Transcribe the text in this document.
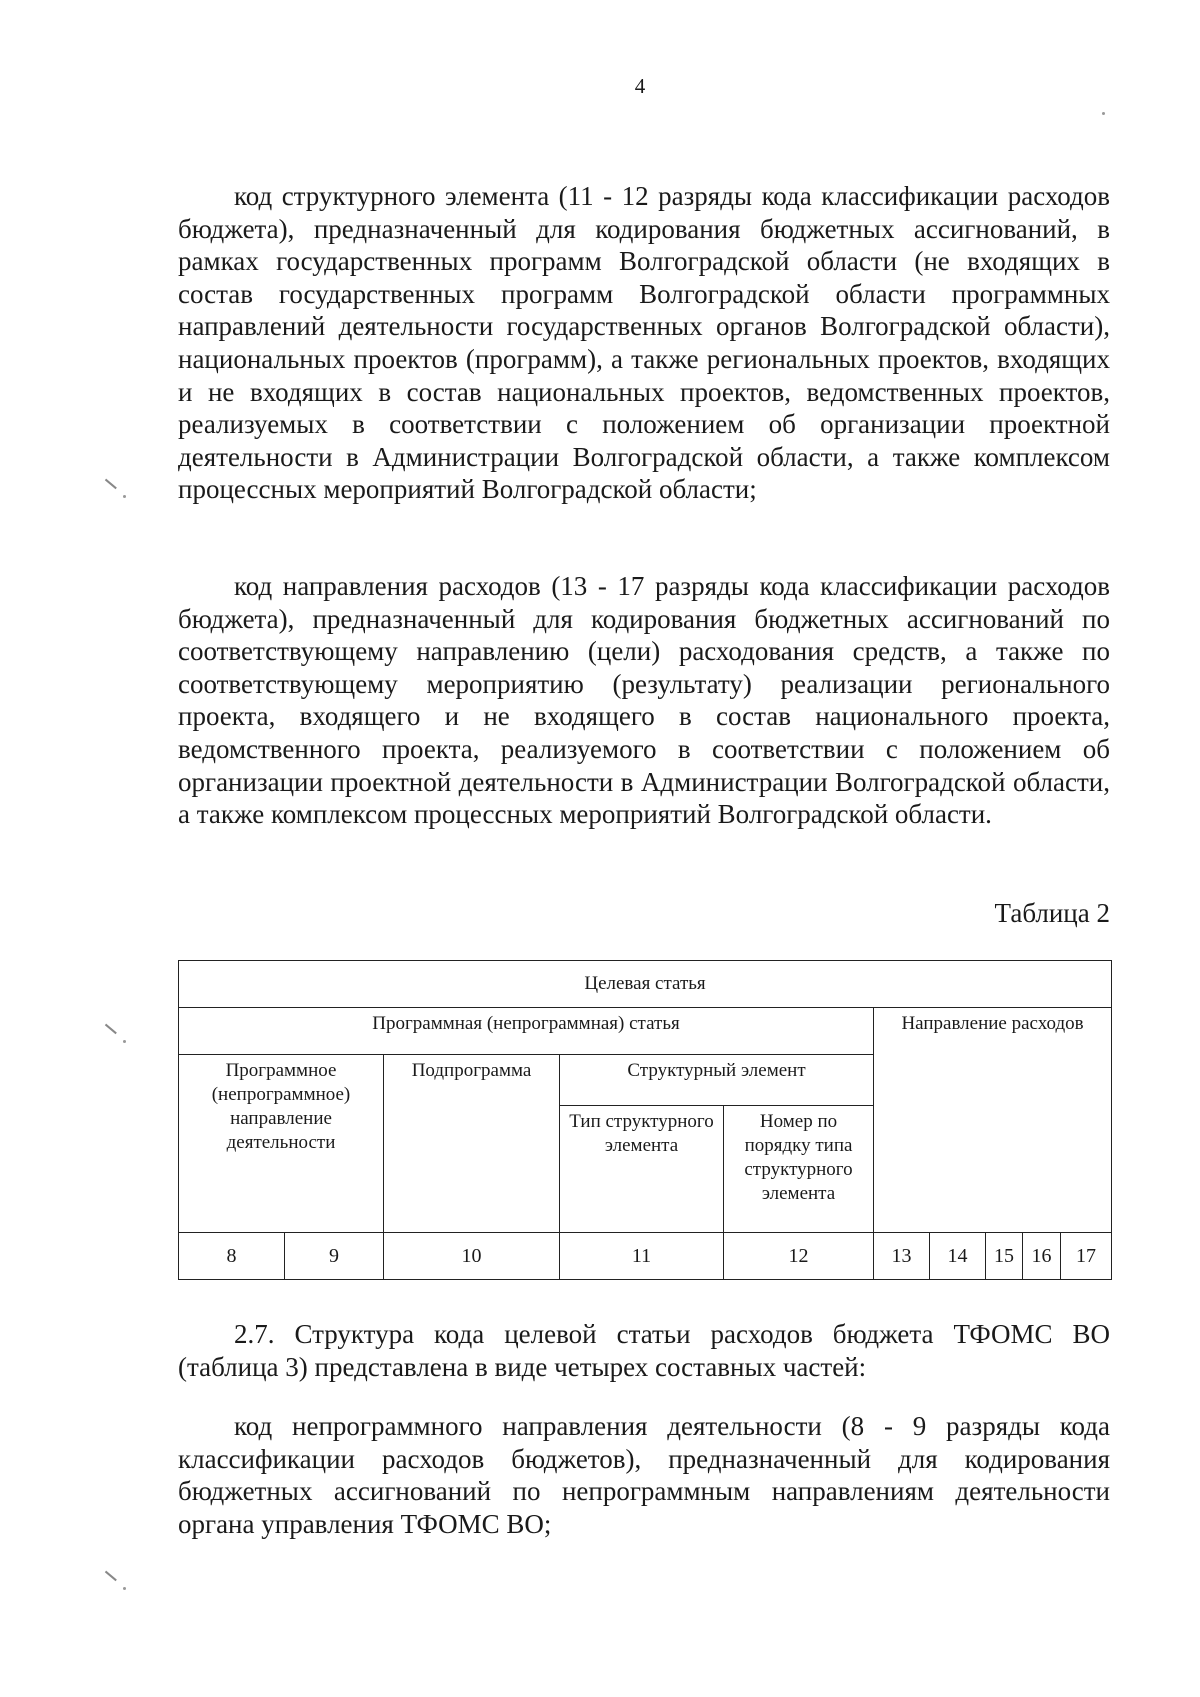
4

код структурного элемента (11 - 12 разряды кода классификации расходов бюджета), предназначенный для кодирования бюджетных ассигнований, в рамках государственных программ Волгоградской области (не входящих в состав государственных программ Волгоградской области программных направлений деятельности государственных органов Волгоградской области), национальных проектов (программ), а также региональных проектов, входящих и не входящих в состав национальных проектов, ведомственных проектов, реализуемых в соответствии с положением об организации проектной деятельности в Администрации Волгоградской области, а также комплексом процессных мероприятий Волгоградской области;

код направления расходов (13 - 17 разряды кода классификации расходов бюджета), предназначенный для кодирования бюджетных ассигнований по соответствующему направлению (цели) расходования средств, а также по соответствующему мероприятию (результату) реализации регионального проекта, входящего и не входящего в состав национального проекта, ведомственного проекта, реализуемого в соответствии с положением об организации проектной деятельности в Администрации Волгоградской области, а также комплексом процессных мероприятий Волгоградской области.

Таблица 2
Целевая статья									
Программная (непрограммная) статья					Направление расходов				
Программное (непрограммное) направление деятельности		Подпрограмма	Структурный элемент						
			Тип структурного элемента	Номер по порядку типа структурного элемента					
8	9	10	11	12	13	14	15	16	17

2.7. Структура кода целевой статьи расходов бюджета ТФОМС ВО (таблица 3) представлена в виде четырех составных частей:

код непрограммного направления деятельности (8 - 9 разряды кода классификации расходов бюджетов), предназначенный для кодирования бюджетных ассигнований по непрограммным направлениям деятельности органа управления ТФОМС ВО;
